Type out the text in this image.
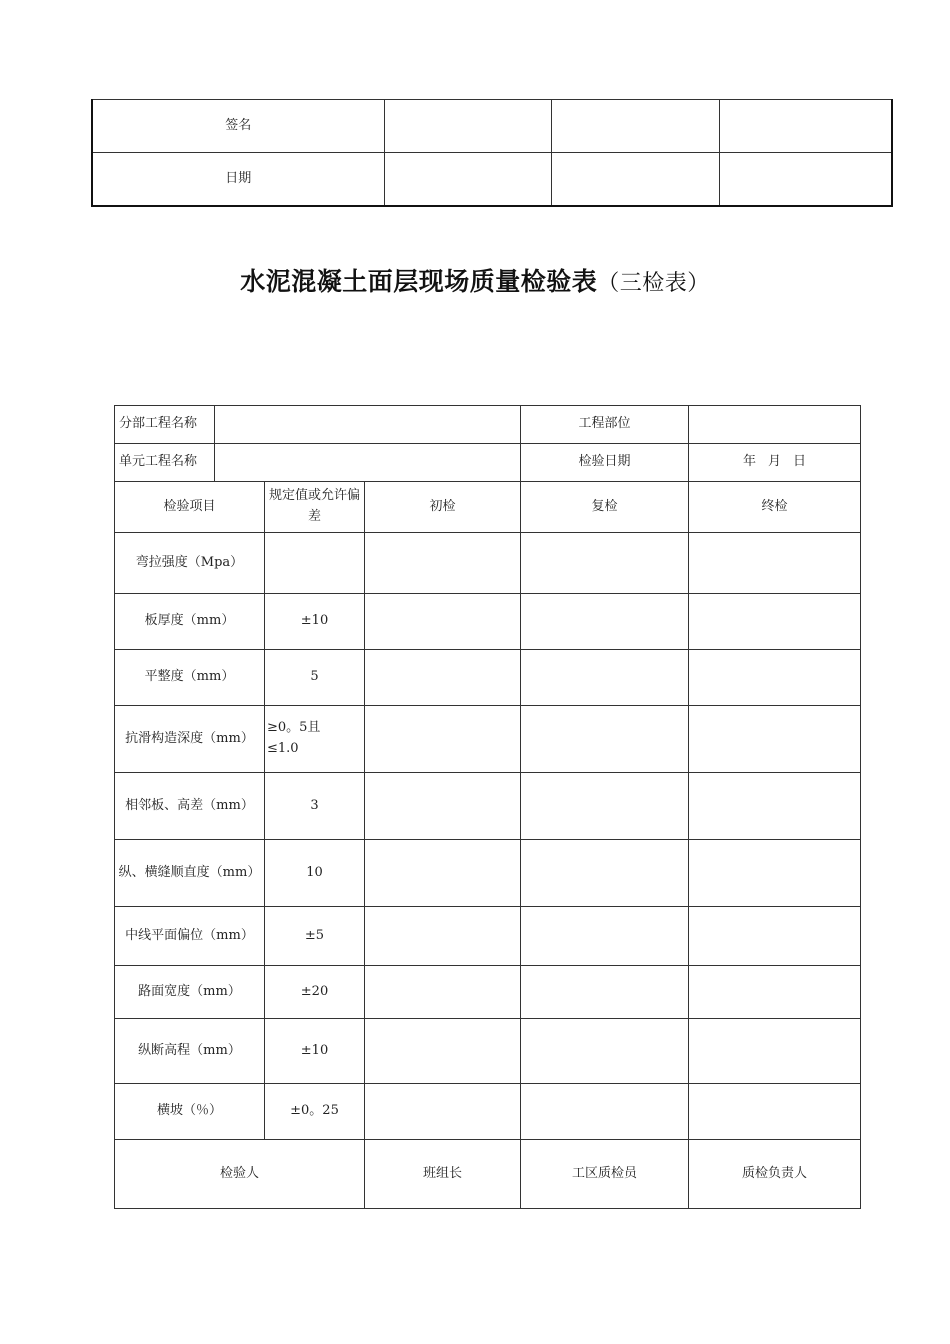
签名			
日期			
水泥混凝土面层现场质量检验表（三检表）
分部工程名称				工程部位	
单元工程名称				检验日期	年 月 日
检验项目		规定值或允许偏差	初检	复检	终检
弯拉强度（Mpa）					
板厚度（mm）		±10			
平整度（mm）		5			
抗滑构造深度（mm）		≥0。5且
≤1.0			

相邻板、高差（mm）		3			
纵、横缝顺直度（mm）		10			
中线平面偏位（mm）		±5			
路面宽度（mm）		±20			
纵断高程（mm）		±10			
横坡（％）		±0。25			
检验人			班组长	工区质检员	质检负责人
